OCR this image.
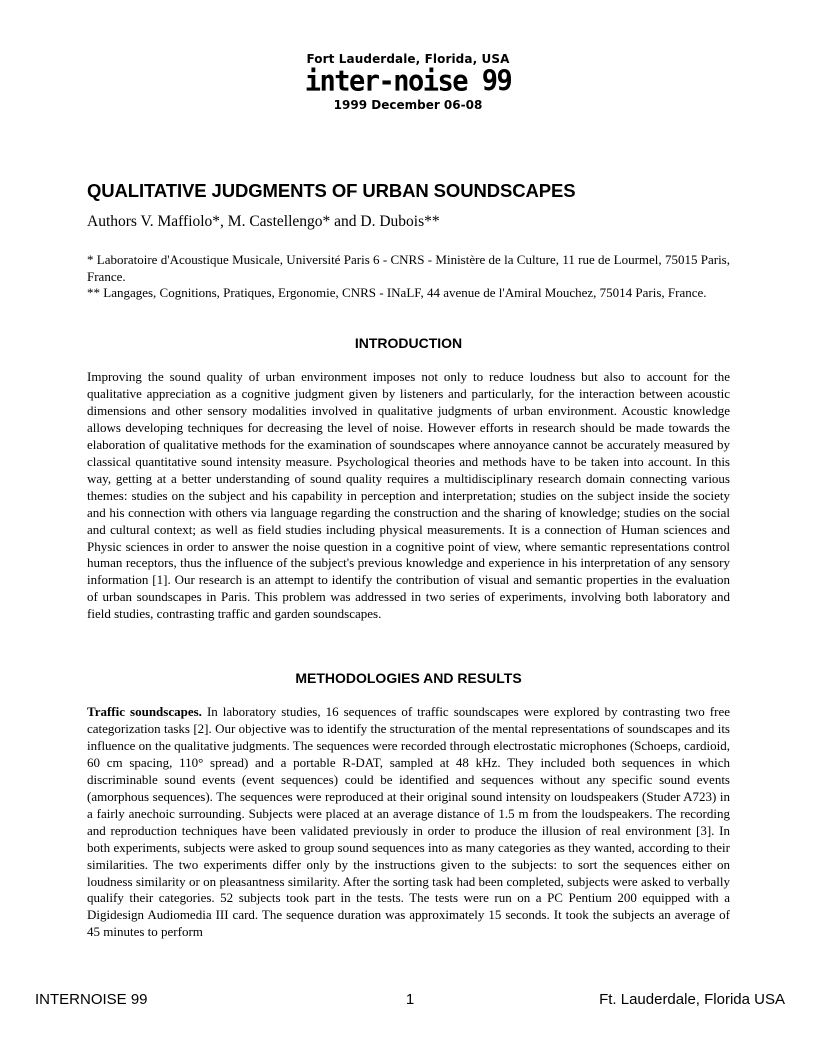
Fort Lauderdale, Florida, USA
inter-noise 99
1999 December 06-08
QUALITATIVE JUDGMENTS OF URBAN SOUNDSCAPES
Authors V. Maffiolo*, M. Castellengo* and D. Dubois**

* Laboratoire d'Acoustique Musicale, Université Paris 6 - CNRS - Ministère de la Culture, 11 rue de Lourmel, 75015 Paris, France.

** Langages, Cognitions, Pratiques, Ergonomie, CNRS - INaLF, 44 avenue de l'Amiral Mouchez, 75014 Paris, France.

INTRODUCTION

Improving the sound quality of urban environment imposes not only to reduce loudness but also to account for the qualitative appreciation as a cognitive judgment given by listeners and particularly, for the interaction between acoustic dimensions and other sensory modalities involved in qualitative judgments of urban environment. Acoustic knowledge allows developing techniques for decreasing the level of noise. However efforts in research should be made towards the elaboration of qualitative methods for the examination of soundscapes where annoyance cannot be accurately measured by classical quantitative sound intensity measure. Psychological theories and methods have to be taken into account. In this way, getting at a better understanding of sound quality requires a multidisciplinary research domain connecting various themes: studies on the subject and his capability in perception and interpretation; studies on the subject inside the society and his connection with others via language regarding the construction and the sharing of knowledge; studies on the social and cultural context; as well as field studies including physical measurements. It is a connection of Human sciences and Physic sciences in order to answer the noise question in a cognitive point of view, where semantic representations control human receptors, thus the influence of the subject's previous knowledge and experience in his interpretation of any sensory information [1]. Our research is an attempt to identify the contribution of visual and semantic properties in the evaluation of urban soundscapes in Paris. This problem was addressed in two series of experiments, involving both laboratory and field studies, contrasting traffic and garden soundscapes.

METHODOLOGIES AND RESULTS

Traffic soundscapes. In laboratory studies, 16 sequences of traffic soundscapes were explored by contrasting two free categorization tasks [2]. Our objective was to identify the structuration of the mental representations of soundscapes and its influence on the qualitative judgments. The sequences were recorded through electrostatic microphones (Schoeps, cardioid, 60 cm spacing, 110° spread) and a portable R-DAT, sampled at 48 kHz. They included both sequences in which discriminable sound events (event sequences) could be identified and sequences without any specific sound events (amorphous sequences). The sequences were reproduced at their original sound intensity on loudspeakers (Studer A723) in a fairly anechoic surrounding. Subjects were placed at an average distance of 1.5 m from the loudspeakers. The recording and reproduction techniques have been validated previously in order to produce the illusion of real environment [3]. In both experiments, subjects were asked to group sound sequences into as many categories as they wanted, according to their similarities. The two experiments differ only by the instructions given to the subjects: to sort the sequences either on loudness similarity or on pleasantness similarity. After the sorting task had been completed, subjects were asked to verbally qualify their categories. 52 subjects took part in the tests. The tests were run on a PC Pentium 200 equipped with a Digidesign Audiomedia III card. The sequence duration was approximately 15 seconds. It took the subjects an average of 45 minutes to perform

1
INTERNOISE 99	Ft. Lauderdale, Florida USA
